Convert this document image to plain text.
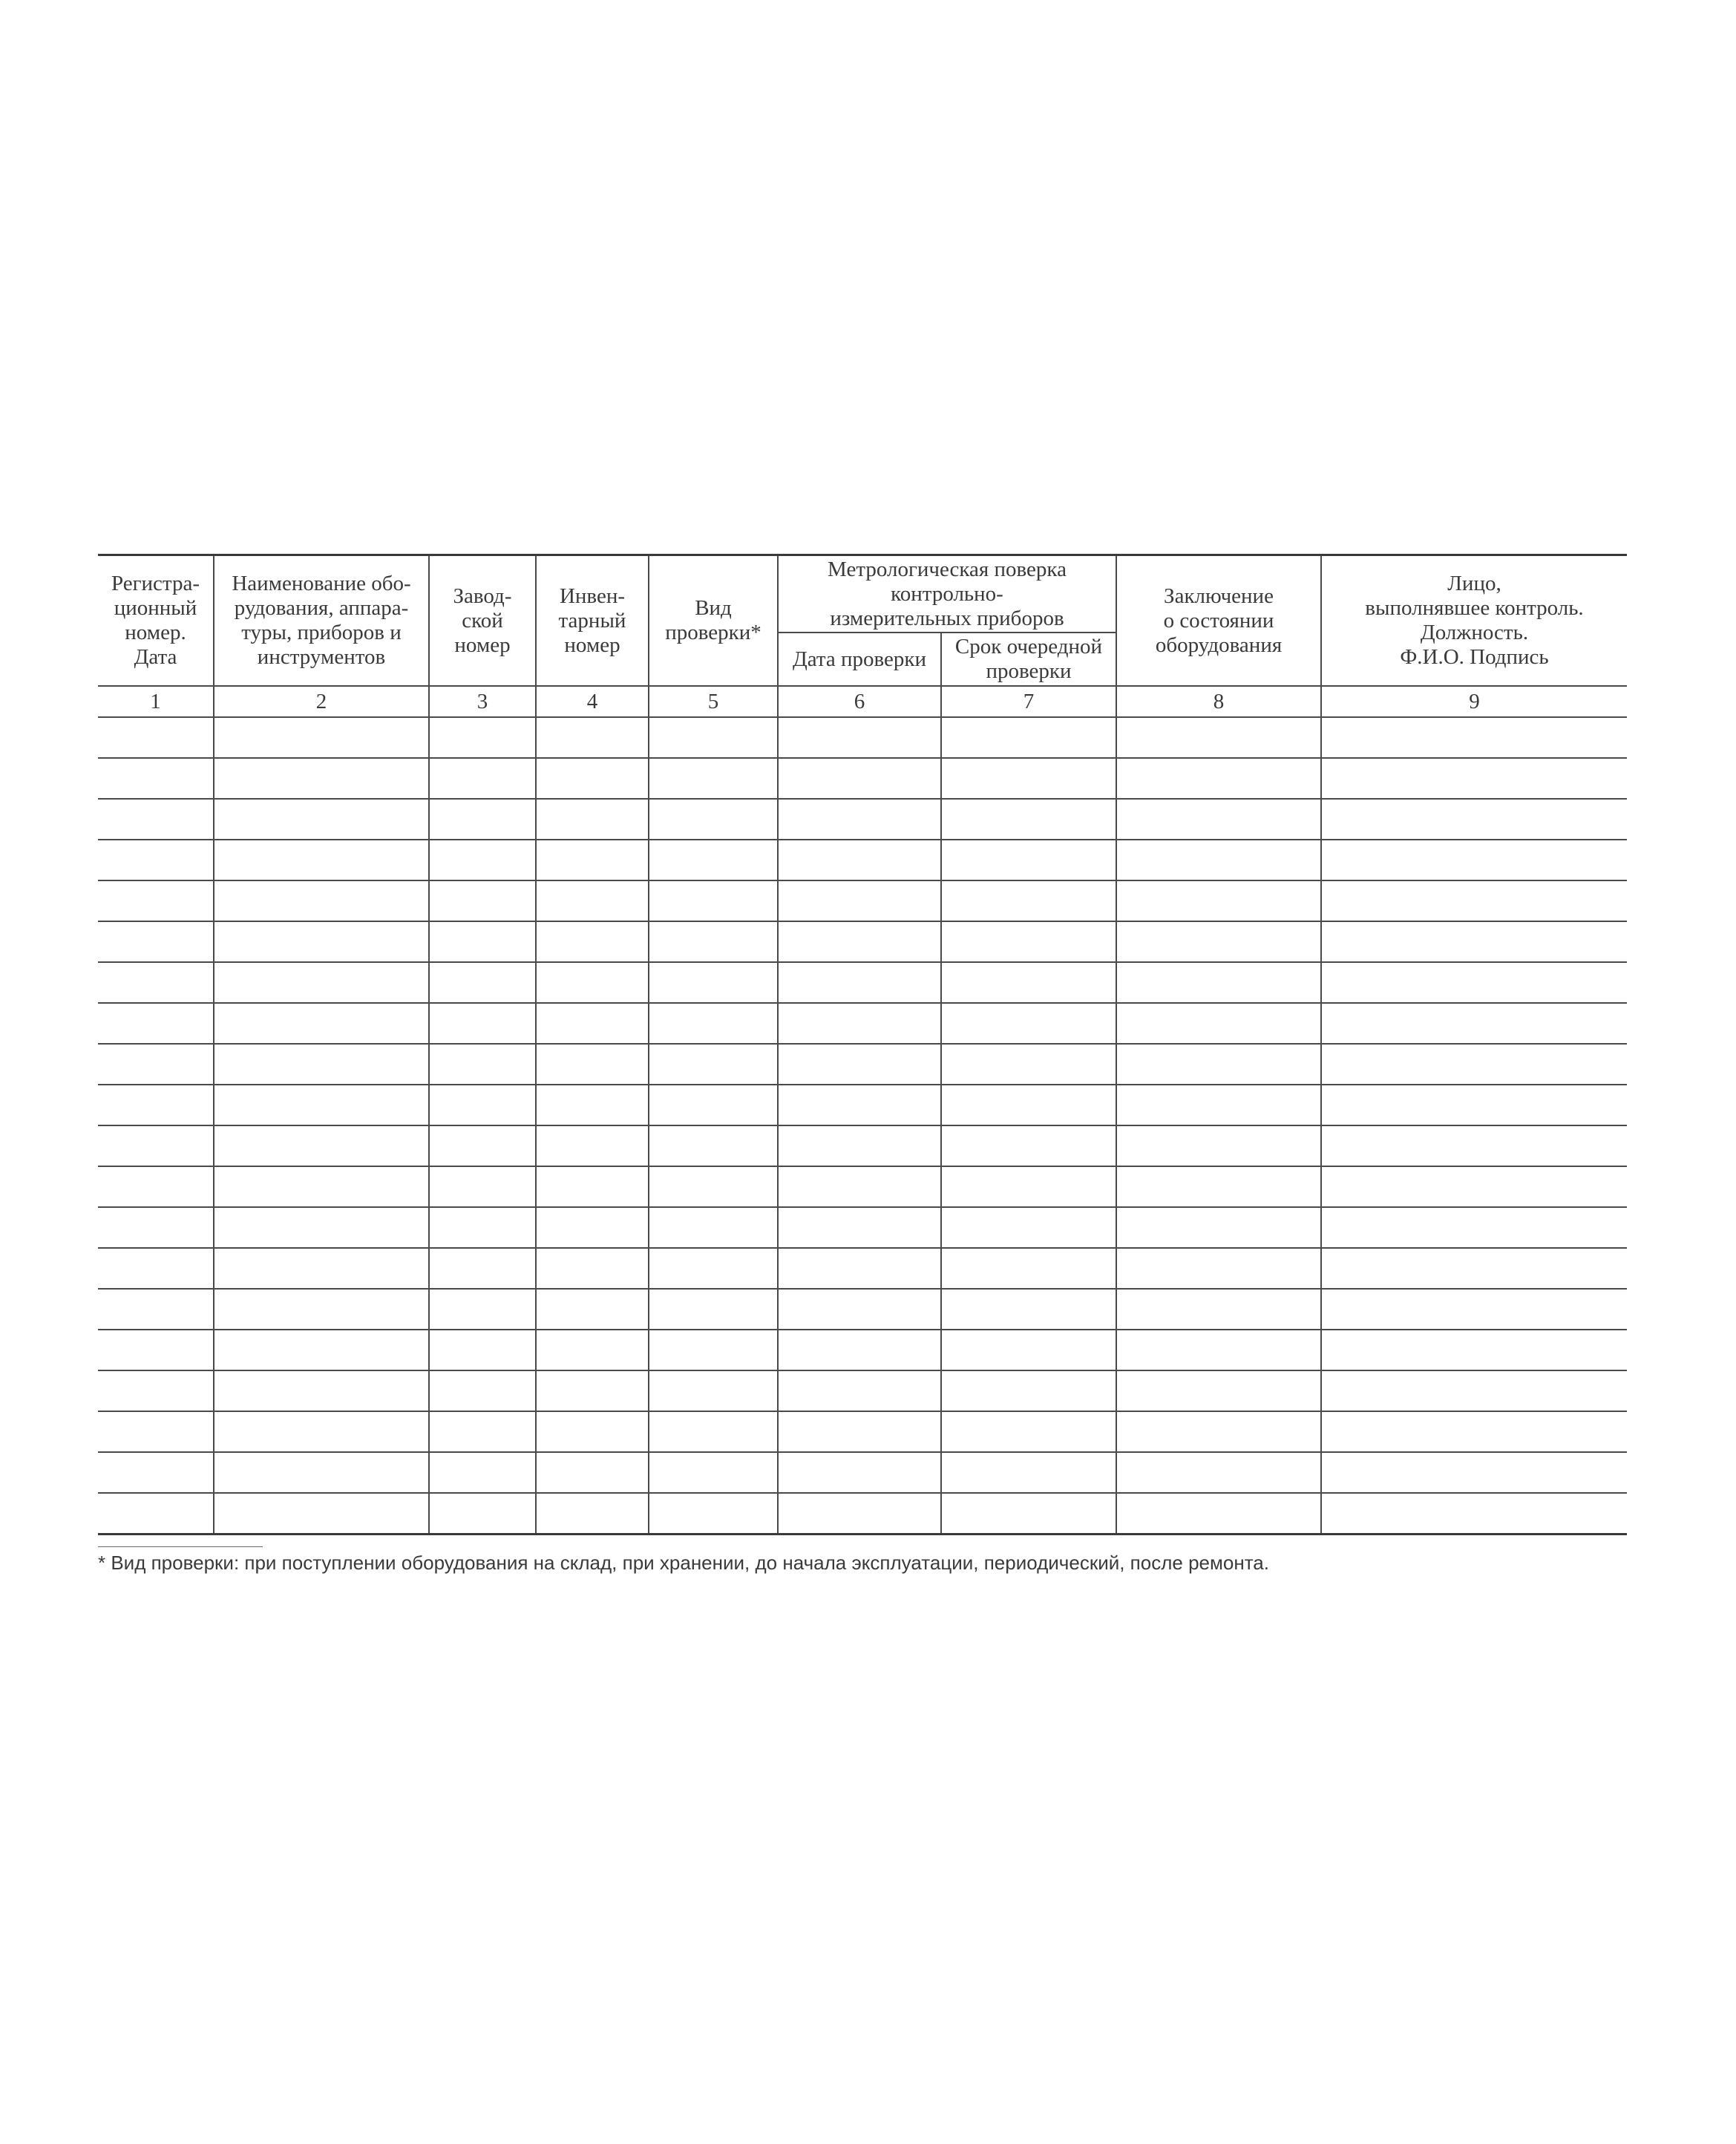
Регистра-
ционный
номер.
Дата	Наименование обо-
рудования, аппара-
туры, приборов и
инструментов	Завод-
ской
номер	Инвен-
тарный
номер	Вид
проверки*	Метрологическая поверка
контрольно-
измерительных приборов		Заключение
о состоянии
оборудования	Лицо,
выполнявшее контроль.
Должность.
Ф.И.О. Подпись

					Дата проверки	Срок очередной
проверки		

1	2	3	4	5	6	7	8	9

* Вид проверки: при поступлении оборудования на склад, при хранении, до начала эксплуатации, периодический, после ремонта.
